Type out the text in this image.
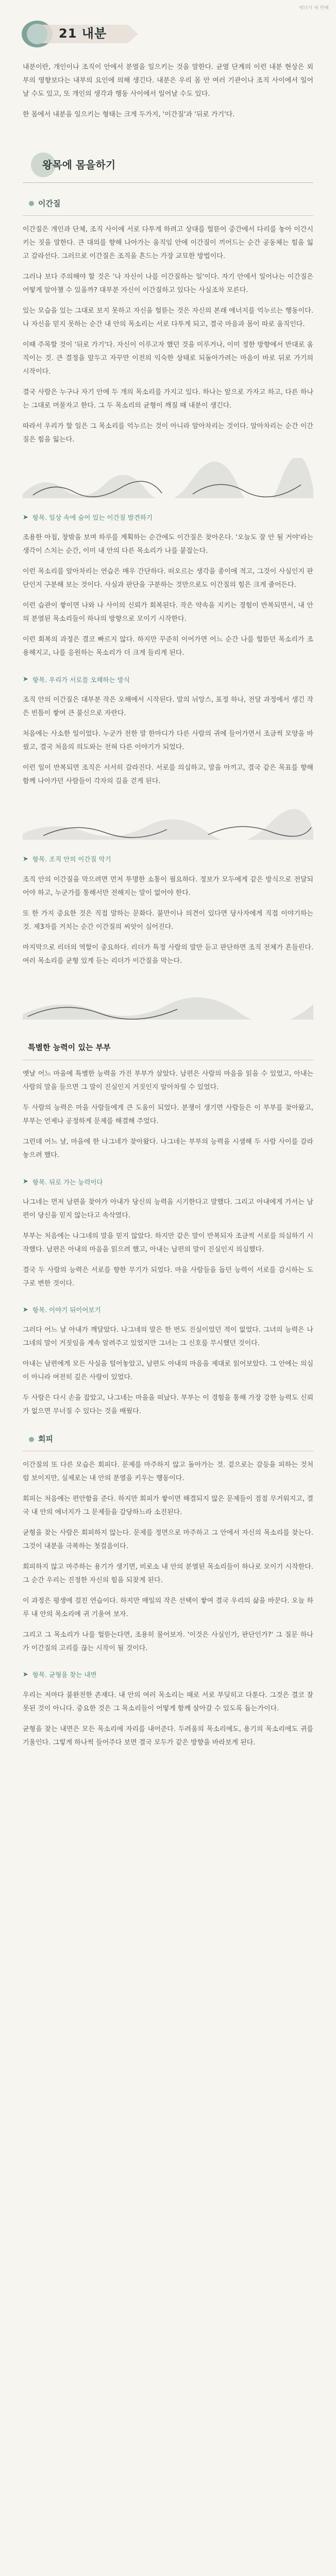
에너지 세 번째
21 내분
내분이란, 개인이나 조직이 안에서 분열을 일으키는 것을 말한다. 균열 단계의 이런 내분 현상은 외부의 영향보다는 내부의 요인에 의해 생긴다. 내분은 우리 몸 안 여러 기관이나 조직 사이에서 일어날 수도 있고, 또 개인의 생각과 행동 사이에서 일어날 수도 있다.
한 몸에서 내분을 일으키는 형태는 크게 두가지, '이간질'과 '뒤로 가기'다.
왕목에 몸을하기
이간질
이간질은 개인과 단체, 조직 사이에 서로 다투게 하려고 상대를 헐뜯어 중간에서 다리를 놓아 이간시키는 짓을 말한다. 큰 대의를 향해 나아가는 움직임 안에 이간질이 끼어드는 순간 공동체는 힘을 잃고 갈라선다. 그러므로 이간질은 조직을 흔드는 가장 교묘한 방법이다.
그러나 보다 주의해야 할 것은 '나 자신이 나를 이간질하는 일'이다. 자기 안에서 일어나는 이간질은 어떻게 알아챌 수 있을까? 대부분 자신이 이간질하고 있다는 사실조차 모른다.
있는 모습을 있는 그대로 보지 못하고 자신을 헐뜯는 것은 자신의 본래 에너지를 억누르는 행동이다. 나 자신을 믿지 못하는 순간 내 안의 목소리는 서로 다투게 되고, 결국 마음과 몸이 따로 움직인다.
이때 주목할 것이 '뒤로 가기'다. 자신이 이루고자 했던 것을 미루거나, 이미 정한 방향에서 반대로 움직이는 것. 큰 결정을 앞두고 자꾸만 이전의 익숙한 상태로 되돌아가려는 마음이 바로 뒤로 가기의 시작이다.
결국 사람은 누구나 자기 안에 두 개의 목소리를 가지고 있다. 하나는 앞으로 가자고 하고, 다른 하나는 그대로 머물자고 한다. 그 두 목소리의 균형이 깨질 때 내분이 생긴다.
따라서 우리가 할 일은 그 목소리를 억누르는 것이 아니라 알아차리는 것이다. 알아차리는 순간 이간질은 힘을 잃는다.
➤ 항목. 일상 속에 숨어 있는 이간질 발견하기
조용한 아침, 창밖을 보며 하루를 계획하는 순간에도 이간질은 찾아온다. '오늘도 잘 안 될 거야'라는 생각이 스치는 순간, 이미 내 안의 다른 목소리가 나를 붙잡는다.
이런 목소리를 알아차리는 연습은 매우 간단하다. 떠오르는 생각을 종이에 적고, 그것이 사실인지 판단인지 구분해 보는 것이다. 사실과 판단을 구분하는 것만으로도 이간질의 힘은 크게 줄어든다.
이런 습관이 쌓이면 나와 나 사이의 신뢰가 회복된다. 작은 약속을 지키는 경험이 반복되면서, 내 안의 분열된 목소리들이 하나의 방향으로 모이기 시작한다.
이런 회복의 과정은 결코 빠르지 않다. 하지만 꾸준히 이어가면 어느 순간 나를 헐뜯던 목소리가 조용해지고, 나를 응원하는 목소리가 더 크게 들리게 된다.
➤ 항목. 우리가 서로를 오해하는 방식
조직 안의 이간질은 대부분 작은 오해에서 시작된다. 말의 뉘앙스, 표정 하나, 전달 과정에서 생긴 작은 빈틈이 쌓여 큰 불신으로 자란다.
처음에는 사소한 일이었다. 누군가 전한 말 한마디가 다른 사람의 귀에 들어가면서 조금씩 모양을 바꿨고, 결국 처음의 의도와는 전혀 다른 이야기가 되었다.
이런 일이 반복되면 조직은 서서히 갈라진다. 서로를 의심하고, 말을 아끼고, 결국 같은 목표를 향해 함께 나아가던 사람들이 각자의 길을 걷게 된다.
➤ 항목. 조직 안의 이간질 막기
조직 안의 이간질을 막으려면 먼저 투명한 소통이 필요하다. 정보가 모두에게 같은 방식으로 전달되어야 하고, 누군가를 통해서만 전해지는 말이 없어야 한다.
또 한 가지 중요한 것은 직접 말하는 문화다. 불만이나 의견이 있다면 당사자에게 직접 이야기하는 것. 제3자를 거치는 순간 이간질의 씨앗이 심어진다.
마지막으로 리더의 역할이 중요하다. 리더가 특정 사람의 말만 듣고 판단하면 조직 전체가 흔들린다. 여러 목소리를 균형 있게 듣는 리더가 이간질을 막는다.
특별한 능력이 있는 부부
옛날 어느 마을에 특별한 능력을 가진 부부가 살았다. 남편은 사람의 마음을 읽을 수 있었고, 아내는 사람의 말을 들으면 그 말이 진실인지 거짓인지 알아차릴 수 있었다.
두 사람의 능력은 마을 사람들에게 큰 도움이 되었다. 분쟁이 생기면 사람들은 이 부부를 찾아왔고, 부부는 언제나 공정하게 문제를 해결해 주었다.
그런데 어느 날, 마을에 한 나그네가 찾아왔다. 나그네는 부부의 능력을 시샘해 두 사람 사이를 갈라놓으려 했다.
➤ 항목. 뒤로 가는 능력이다
나그네는 먼저 남편을 찾아가 아내가 당신의 능력을 시기한다고 말했다. 그리고 아내에게 가서는 남편이 당신을 믿지 않는다고 속삭였다.
부부는 처음에는 나그네의 말을 믿지 않았다. 하지만 같은 말이 반복되자 조금씩 서로를 의심하기 시작했다. 남편은 아내의 마음을 읽으려 했고, 아내는 남편의 말이 진실인지 의심했다.
결국 두 사람의 능력은 서로를 향한 무기가 되었다. 마을 사람들을 돕던 능력이 서로를 감시하는 도구로 변한 것이다.
➤ 항목. 이야기 뒤이어보기
그러다 어느 날 아내가 깨달았다. 나그네의 말은 한 번도 진실이었던 적이 없었다. 그녀의 능력은 나그네의 말이 거짓임을 계속 알려주고 있었지만 그녀는 그 신호를 무시했던 것이다.
아내는 남편에게 모든 사실을 털어놓았고, 남편도 아내의 마음을 제대로 읽어보았다. 그 안에는 의심이 아니라 여전히 깊은 사랑이 있었다.
두 사람은 다시 손을 잡았고, 나그네는 마을을 떠났다. 부부는 이 경험을 통해 가장 강한 능력도 신뢰가 없으면 무너질 수 있다는 것을 배웠다.
회피
이간질의 또 다른 모습은 회피다. 문제를 마주하지 않고 돌아가는 것. 겉으로는 갈등을 피하는 것처럼 보이지만, 실제로는 내 안의 분열을 키우는 행동이다.
회피는 처음에는 편안함을 준다. 하지만 회피가 쌓이면 해결되지 않은 문제들이 점점 무거워지고, 결국 내 안의 에너지가 그 문제들을 감당하느라 소진된다.
균형을 찾는 사람은 회피하지 않는다. 문제를 정면으로 마주하고 그 안에서 자신의 목소리를 찾는다. 그것이 내분을 극복하는 첫걸음이다.
회피하지 않고 마주하는 용기가 생기면, 비로소 내 안의 분열된 목소리들이 하나로 모이기 시작한다. 그 순간 우리는 진정한 자신의 힘을 되찾게 된다.
이 과정은 평생에 걸친 연습이다. 하지만 매일의 작은 선택이 쌓여 결국 우리의 삶을 바꾼다. 오늘 하루 내 안의 목소리에 귀 기울여 보자.
그리고 그 목소리가 나를 헐뜯는다면, 조용히 물어보자. '이것은 사실인가, 판단인가?' 그 질문 하나가 이간질의 고리를 끊는 시작이 될 것이다.
➤ 항목. 균형을 찾는 내면
우리는 저마다 불완전한 존재다. 내 안의 여러 목소리는 때로 서로 부딪히고 다툰다. 그것은 결코 잘못된 것이 아니다. 중요한 것은 그 목소리들이 어떻게 함께 살아갈 수 있도록 돕는가이다.
균형을 찾는 내면은 모든 목소리에 자리를 내어준다. 두려움의 목소리에도, 용기의 목소리에도 귀를 기울인다. 그렇게 하나씩 들어주다 보면 결국 모두가 같은 방향을 바라보게 된다.
